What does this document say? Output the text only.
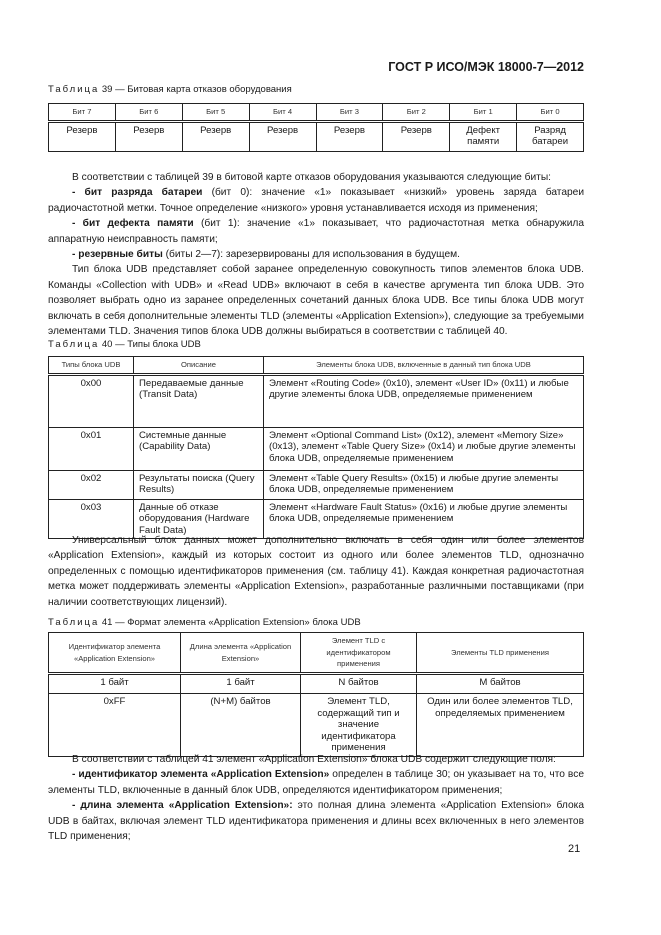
ГОСТ Р ИСО/МЭК 18000-7—2012
Таблица 39 — Битовая карта отказов оборудования
Бит 7	Бит 6	Бит 5	Бит 4	Бит 3	Бит 2	Бит 1	Бит 0
Резерв	Резерв	Резерв	Резерв	Резерв	Резерв	Дефект памяти	Разряд батареи

В соответствии с таблицей 39 в битовой карте отказов оборудования указываются следующие биты:

- бит разряда батареи (бит 0): значение «1» показывает «низкий» уровень заряда батареи радиочастотной метки. Точное определение «низкого» уровня устанавливается исходя из применения;

- бит дефекта памяти (бит 1): значение «1» показывает, что радиочастотная метка обнаружила аппаратную неисправность памяти;

- резервные биты (биты 2—7): зарезервированы для использования в будущем.

Тип блока UDB представляет собой заранее определенную совокупность типов элементов блока UDB. Команды «Collection with UDB» и «Read UDB» включают в себя в качестве аргумента тип блока UDB. Это позволяет выбрать одно из заранее определенных сочетаний данных блока UDB. Все типы блока UDB могут включать в себя дополнительные элементы TLD (элементы «Application Extension»), следующие за требуемыми элементами TLD. Значения типов блока UDB должны выбираться в соответствии с таблицей 40.

Таблица 40 — Типы блока UDB
Типы блока UDB	Описание	Элементы блока UDB, включенные в данный тип блока UDB
0x00	Передаваемые данные (Transit Data)	Элемент «Routing Code» (0x10), элемент «User ID» (0x11) и любые другие элементы блока UDB, определяемые применением
0x01	Системные данные (Capability Data)	Элемент «Optional Command List» (0x12), элемент «Memory Size» (0x13), элемент «Table Query Size» (0x14) и любые другие элементы блока UDB, определяемые применением
0x02	Результаты поиска (Query Results)	Элемент «Table Query Results» (0x15) и любые другие элементы блока UDB, определяемые применением
0x03	Данные об отказе оборудования (Hardware Fault Data)	Элемент «Hardware Fault Status» (0x16) и любые другие элементы блока UDB, определяемые применением

Универсальный блок данных может дополнительно включать в себя один или более элементов «Application Extension», каждый из которых состоит из одного или более элементов TLD, однозначно определенных с помощью идентификаторов применения (см. таблицу 41). Каждая конкретная радиочастотная метка может поддерживать элементы «Application Extension», разработанные различными поставщиками (при наличии соответствующих лицензий).

Таблица 41 — Формат элемента «Application Extension» блока UDB
Идентификатор элемента «Application Extension»	Длина элемента «Application Extension»	Элемент TLD с идентификатором применения	Элементы TLD применения
1 байт	1 байт	N байтов	M байтов
0xFF	(N+M) байтов	Элемент TLD, содержащий тип и значение идентификатора применения	Один или более элементов TLD, определяемых применением

В соответствии с таблицей 41 элемент «Application Extension» блока UDB содержит следующие поля:

- идентификатор элемента «Application Extension» определен в таблице 30; он указывает на то, что все элементы TLD, включенные в данный блок UDB, определяются идентификатором применения;

- длина элемента «Application Extension»: это полная длина элемента «Application Extension» блока UDB в байтах, включая элемент TLD идентификатора применения и длины всех включенных в него элементов TLD применения;

21
